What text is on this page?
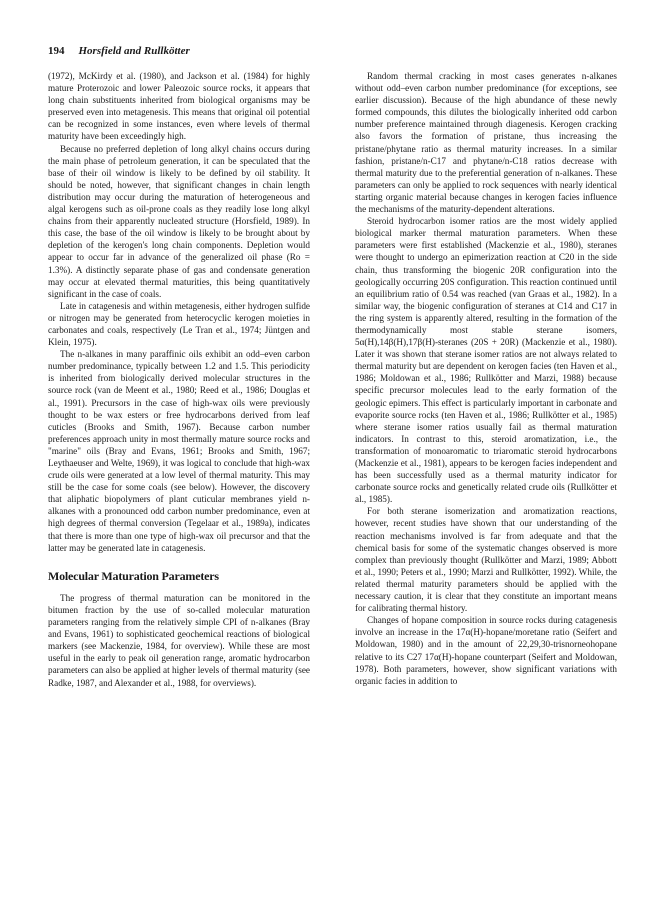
194 Horsfield and Rullkötter

(1972), McKirdy et al. (1980), and Jackson et al. (1984) for highly mature Proterozoic and lower Paleozoic source rocks, it appears that long chain substituents inherited from biological organisms may be preserved even into metagenesis. This means that original oil potential can be recognized in some instances, even where levels of thermal maturity have been exceedingly high.

Because no preferred depletion of long alkyl chains occurs during the main phase of petroleum generation, it can be speculated that the base of their oil window is likely to be defined by oil stability. It should be noted, however, that significant changes in chain length distribution may occur during the maturation of heterogeneous and algal kerogens such as oil-prone coals as they readily lose long alkyl chains from their apparently nucleated structure (Horsfield, 1989). In this case, the base of the oil window is likely to be brought about by depletion of the kerogen's long chain components. Depletion would appear to occur far in advance of the generalized oil phase (Ro = 1.3%). A distinctly separate phase of gas and condensate generation may occur at elevated thermal maturities, this being quantitatively significant in the case of coals.

Late in catagenesis and within metagenesis, either hydrogen sulfide or nitrogen may be generated from heterocyclic kerogen moieties in carbonates and coals, respectively (Le Tran et al., 1974; Jüntgen and Klein, 1975).

The n-alkanes in many paraffinic oils exhibit an odd–even carbon number predominance, typically between 1.2 and 1.5. This periodicity is inherited from biologically derived molecular structures in the source rock (van de Meent et al., 1980; Reed et al., 1986; Douglas et al., 1991). Precursors in the case of high-wax oils were previously thought to be wax esters or free hydrocarbons derived from leaf cuticles (Brooks and Smith, 1967). Because carbon number preferences approach unity in most thermally mature source rocks and "marine" oils (Bray and Evans, 1961; Brooks and Smith, 1967; Leythaeuser and Welte, 1969), it was logical to conclude that high-wax crude oils were generated at a low level of thermal maturity. This may still be the case for some coals (see below). However, the discovery that aliphatic biopolymers of plant cuticular membranes yield n-alkanes with a pronounced odd carbon number predominance, even at high degrees of thermal conversion (Tegelaar et al., 1989a), indicates that there is more than one type of high-wax oil precursor and that the latter may be generated late in catagenesis.

Molecular Maturation Parameters

The progress of thermal maturation can be monitored in the bitumen fraction by the use of so-called molecular maturation parameters ranging from the relatively simple CPI of n-alkanes (Bray and Evans, 1961) to sophisticated geochemical reactions of biological markers (see Mackenzie, 1984, for overview). While these are most useful in the early to peak oil generation range, aromatic hydrocarbon parameters can also be applied at higher levels of thermal maturity (see Radke, 1987, and Alexander et al., 1988, for overviews).

Random thermal cracking in most cases generates n-alkanes without odd–even carbon number predominance (for exceptions, see earlier discussion). Because of the high abundance of these newly formed compounds, this dilutes the biologically inherited odd carbon number preference maintained through diagenesis. Kerogen cracking also favors the formation of pristane, thus increasing the pristane/phytane ratio as thermal maturity increases. In a similar fashion, pristane/n-C17 and phytane/n-C18 ratios decrease with thermal maturity due to the preferential generation of n-alkanes. These parameters can only be applied to rock sequences with nearly identical starting organic material because changes in kerogen facies influence the mechanisms of the maturity-dependent alterations.

Steroid hydrocarbon isomer ratios are the most widely applied biological marker thermal maturation parameters. When these parameters were first established (Mackenzie et al., 1980), steranes were thought to undergo an epimerization reaction at C20 in the side chain, thus transforming the biogenic 20R configuration into the geologically occurring 20S configuration. This reaction continued until an equilibrium ratio of 0.54 was reached (van Graas et al., 1982). In a similar way, the biogenic configuration of steranes at C14 and C17 in the ring system is apparently altered, resulting in the formation of the thermodynamically most stable sterane isomers, 5α(H),14β(H),17β(H)-steranes (20S + 20R) (Mackenzie et al., 1980). Later it was shown that sterane isomer ratios are not always related to thermal maturity but are dependent on kerogen facies (ten Haven et al., 1986; Moldowan et al., 1986; Rullkötter and Marzi, 1988) because specific precursor molecules lead to the early formation of the geologic epimers. This effect is particularly important in carbonate and evaporite source rocks (ten Haven et al., 1986; Rullkötter et al., 1985) where sterane isomer ratios usually fail as thermal maturation indicators. In contrast to this, steroid aromatization, i.e., the transformation of monoaromatic to triaromatic steroid hydrocarbons (Mackenzie et al., 1981), appears to be kerogen facies independent and has been successfully used as a thermal maturity indicator for carbonate source rocks and genetically related crude oils (Rullkötter et al., 1985).

For both sterane isomerization and aromatization reactions, however, recent studies have shown that our understanding of the reaction mechanisms involved is far from adequate and that the chemical basis for some of the systematic changes observed is more complex than previously thought (Rullkötter and Marzi, 1989; Abbott et al., 1990; Peters et al., 1990; Marzi and Rullkötter, 1992). While, the related thermal maturity parameters should be applied with the necessary caution, it is clear that they constitute an important means for calibrating thermal history.

Changes of hopane composition in source rocks during catagenesis involve an increase in the 17α(H)-hopane/moretane ratio (Seifert and Moldowan, 1980) and in the amount of 22,29,30-trisnorneohopane relative to its C27 17α(H)-hopane counterpart (Seifert and Moldowan, 1978). Both parameters, however, show significant variations with organic facies in addition to
